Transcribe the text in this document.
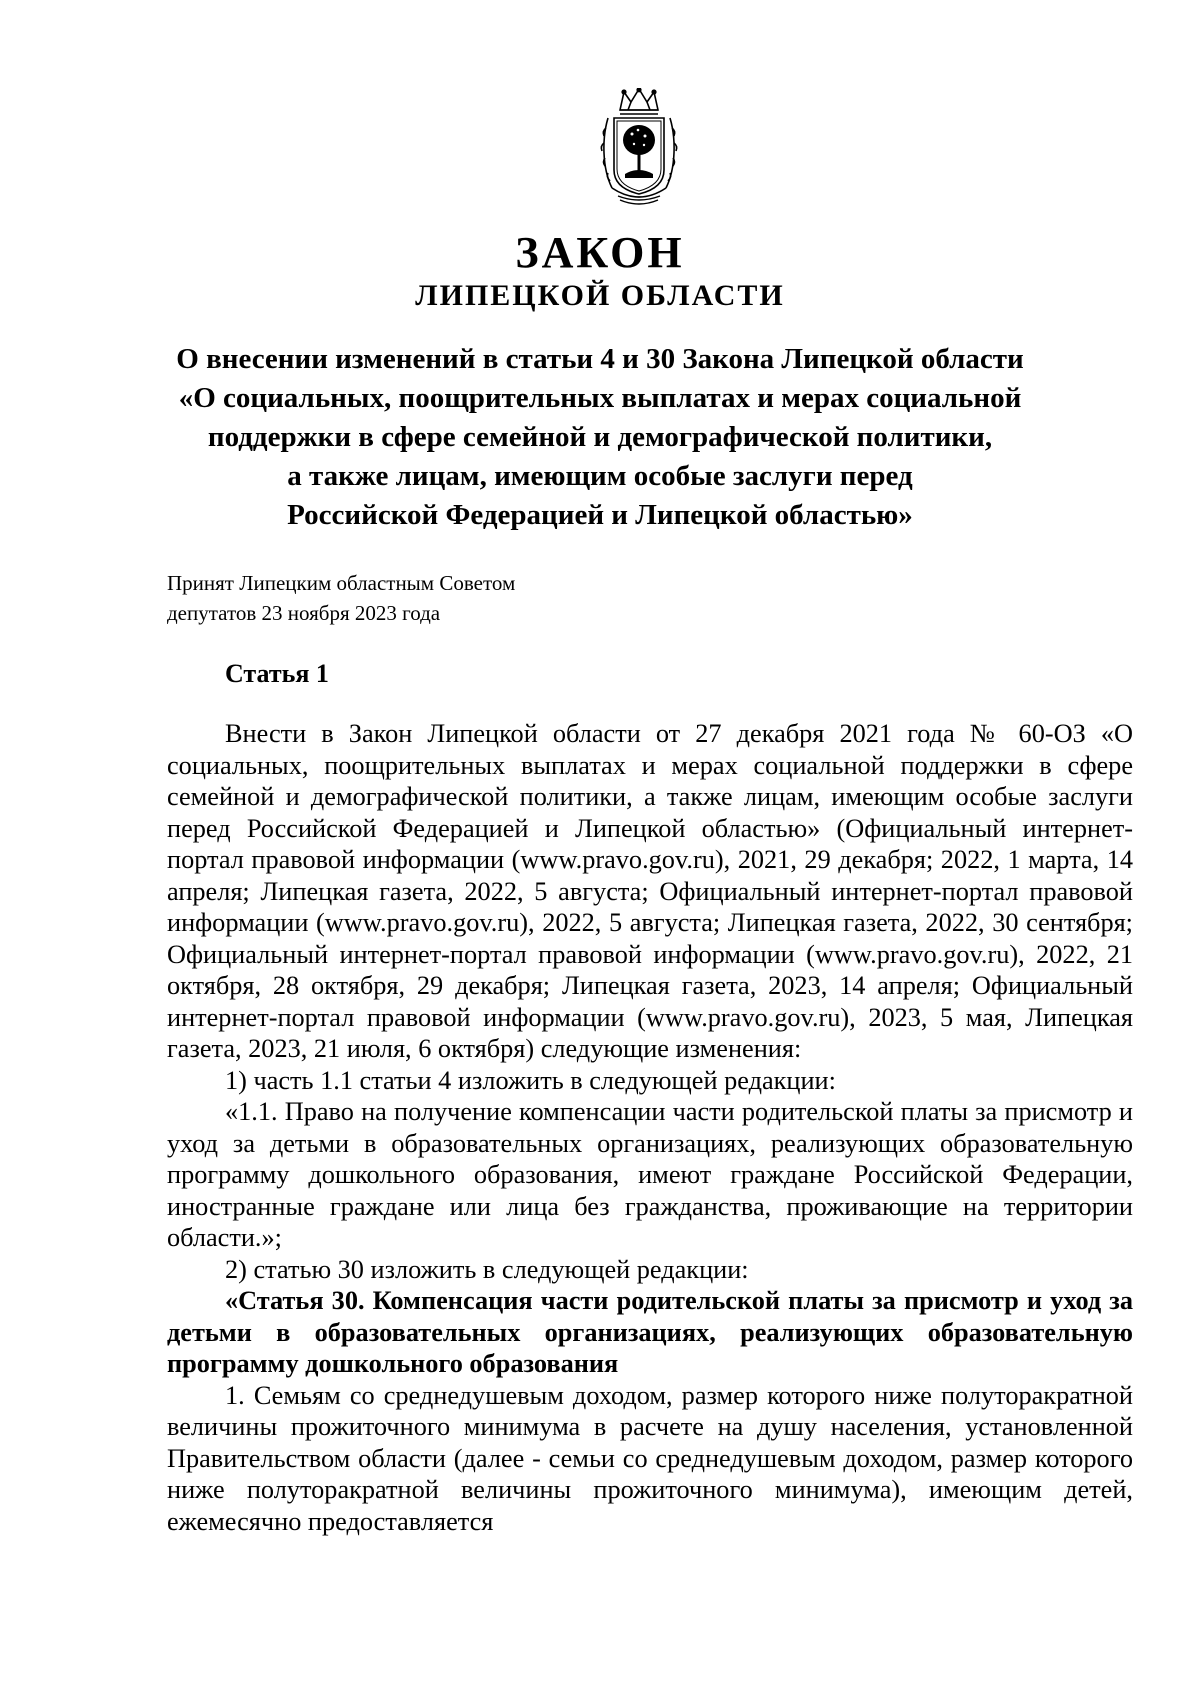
ЗАКОН
ЛИПЕЦКОЙ ОБЛАСТИ
О внесении изменений в статьи 4 и 30 Закона Липецкой области
«О социальных, поощрительных выплатах и мерах социальной
поддержки в сфере семейной и демографической политики,
а также лицам, имеющим особые заслуги перед
Российской Федерацией и Липецкой областью»
Принят Липецким областным Советом
депутатов 23 ноября 2023 года
Статья 1

Внести в Закон Липецкой области от 27 декабря 2021 года № 60-ОЗ «О социальных, поощрительных выплатах и мерах социальной поддержки в сфере семейной и демографической политики, а также лицам, имеющим особые заслуги перед Российской Федерацией и Липецкой областью» (Официальный интернет-портал правовой информации (www.pravo.gov.ru), 2021, 29 декабря; 2022, 1 марта, 14 апреля; Липецкая газета, 2022, 5 августа; Официальный интернет-портал правовой информации (www.pravo.gov.ru), 2022, 5 августа; Липецкая газета, 2022, 30 сентября; Официальный интернет-портал правовой информации (www.pravo.gov.ru), 2022, 21 октября, 28 октября, 29 декабря; Липецкая газета, 2023, 14 апреля; Официальный интернет-портал правовой информации (www.pravo.gov.ru), 2023, 5 мая, Липецкая газета, 2023, 21 июля, 6 октября) следующие изменения:

1) часть 1.1 статьи 4 изложить в следующей редакции:

«1.1. Право на получение компенсации части родительской платы за присмотр и уход за детьми в образовательных организациях, реализующих образовательную программу дошкольного образования, имеют граждане Российской Федерации, иностранные граждане или лица без гражданства, проживающие на территории области.»;

2) статью 30 изложить в следующей редакции:

«Статья 30. Компенсация части родительской платы за присмотр и уход за детьми в образовательных организациях, реализующих образовательную программу дошкольного образования

1. Семьям со среднедушевым доходом, размер которого ниже полуторакратной величины прожиточного минимума в расчете на душу населения, установленной Правительством области (далее - семьи со среднедушевым доходом, размер которого ниже полуторакратной величины прожиточного минимума), имеющим детей, ежемесячно предоставляется
